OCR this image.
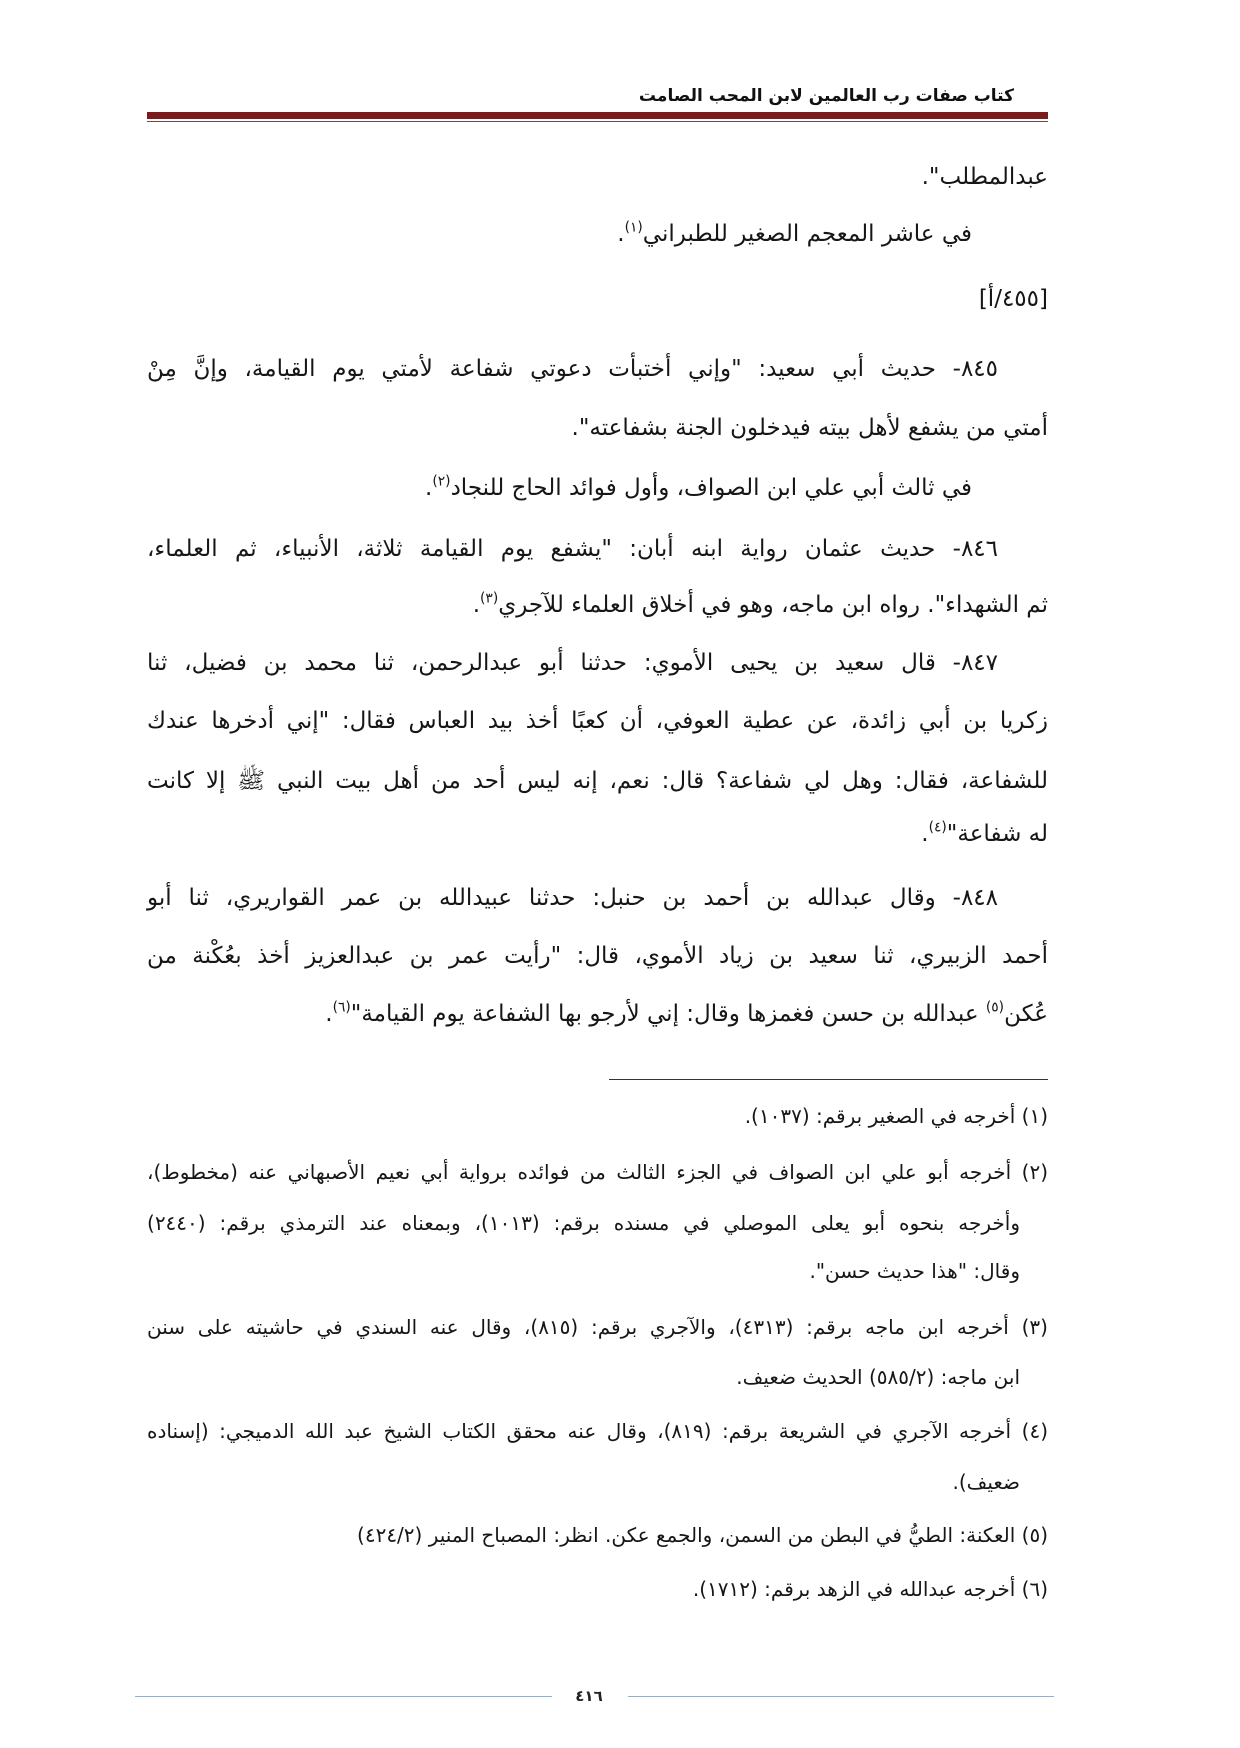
كتاب صفات رب العالمين لابن المحب الصامت
عبدالمطلب".
في عاشر المعجم الصغير للطبراني$^{(١)}$.
[٤٥٥/أ]
٨٤٥- حديث أبي سعيد: "وإني أختبأت دعوتي شفاعة لأمتي يوم القيامة، وإنَّ مِنْ
أمتي من يشفع لأهل بيته فيدخلون الجنة بشفاعته".
في ثالث أبي علي ابن الصواف، وأول فوائد الحاج للنجاد$^{(٢)}$.
٨٤٦- حديث عثمان رواية ابنه أبان: "يشفع يوم القيامة ثلاثة، الأنبياء، ثم العلماء،
ثم الشهداء". رواه ابن ماجه، وهو في أخلاق العلماء للآجري$^{(٣)}$.
٨٤٧- قال سعيد بن يحيى الأموي: حدثنا أبو عبدالرحمن، ثنا محمد بن فضيل، ثنا
زكريا بن أبي زائدة، عن عطية العوفي، أن كعبًا أخذ بيد العباس فقال: "إني أدخرها عندك
للشفاعة، فقال: وهل لي شفاعة؟ قال: نعم، إنه ليس أحد من أهل بيت النبي ﷺ إلا كانت
له شفاعة"$^{(٤)}$.
٨٤٨- وقال عبدالله بن أحمد بن حنبل: حدثنا عبيدالله بن عمر القواريري، ثنا أبو
أحمد الزبيري، ثنا سعيد بن زياد الأموي، قال: "رأيت عمر بن عبدالعزيز أخذ بعُكْنة من
عُكن$^{(٥)}$ عبدالله بن حسن فغمزها وقال: إني لأرجو بها الشفاعة يوم القيامة"$^{(٦)}$.
(١) أخرجه في الصغير برقم: (١٠٣٧).
(٢) أخرجه أبو علي ابن الصواف في الجزء الثالث من فوائده برواية أبي نعيم الأصبهاني عنه (مخطوط)،
وأخرجه بنحوه أبو يعلى الموصلي في مسنده برقم: (١٠١٣)، وبمعناه عند الترمذي برقم: (٢٤٤٠)
وقال: "هذا حديث حسن".
(٣) أخرجه ابن ماجه برقم: (٤٣١٣)، والآجري برقم: (٨١٥)، وقال عنه السندي في حاشيته على سنن
ابن ماجه: (٥٨٥/٢) الحديث ضعيف.
(٤) أخرجه الآجري في الشريعة برقم: (٨١٩)، وقال عنه محقق الكتاب الشيخ عبد الله الدميجي: (إسناده
ضعيف).
(٥) العكنة: الطيُّ في البطن من السمن، والجمع عكن. انظر: المصباح المنير (٤٢٤/٢)
(٦) أخرجه عبدالله في الزهد برقم: (١٧١٢).
٤١٦
